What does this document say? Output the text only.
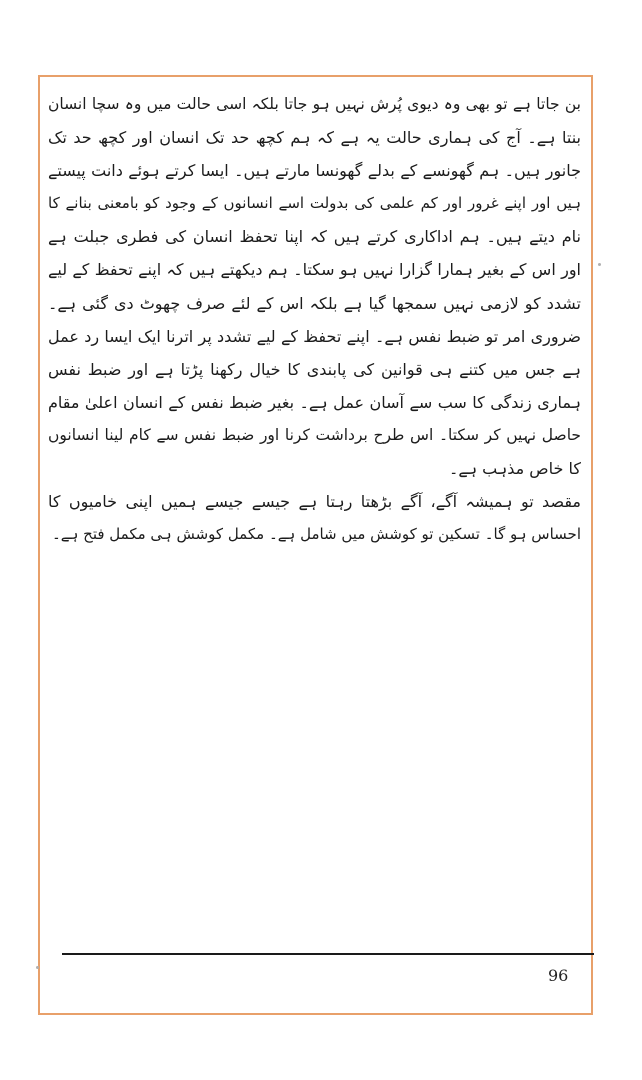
بن جاتا ہے تو بھی وہ دیوی پُرش نہیں ہو جاتا بلکہ اسی حالت میں وہ سچا انسان
بنتا ہے۔ آج کی ہماری حالت یہ ہے کہ ہم کچھ حد تک انسان اور کچھ حد تک
جانور ہیں۔ ہم گھونسے کے بدلے گھونسا مارتے ہیں۔ ایسا کرتے ہوئے دانت پیستے
ہیں اور اپنے غرور اور کم علمی کی بدولت اسے انسانوں کے وجود کو بامعنی بنانے کا
نام دیتے ہیں۔ ہم اداکاری کرتے ہیں کہ اپنا تحفظ انسان کی فطری جبلت ہے
اور اس کے بغیر ہمارا گزارا نہیں ہو سکتا۔ ہم دیکھتے ہیں کہ اپنے تحفظ کے لیے
تشدد کو لازمی نہیں سمجھا گیا ہے بلکہ اس کے لئے صرف چھوٹ دی گئی ہے۔
ضروری امر تو ضبط نفس ہے۔ اپنے تحفظ کے لیے تشدد پر اترنا ایک ایسا رد عمل
ہے جس میں کتنے ہی قوانین کی پابندی کا خیال رکھنا پڑتا ہے اور ضبط نفس
ہماری زندگی کا سب سے آسان عمل ہے۔ بغیر ضبط نفس کے انسان اعلیٰ مقام
حاصل نہیں کر سکتا۔ اس طرح برداشت کرنا اور ضبط نفس سے کام لینا انسانوں
کا خاص مذہب ہے۔
مقصد تو ہمیشہ آگے، آگے بڑھتا رہتا ہے جیسے جیسے ہمیں اپنی خامیوں کا
احساس ہو گا۔ تسکین تو کوشش میں شامل ہے۔ مکمل کوشش ہی مکمل فتح ہے۔
96
